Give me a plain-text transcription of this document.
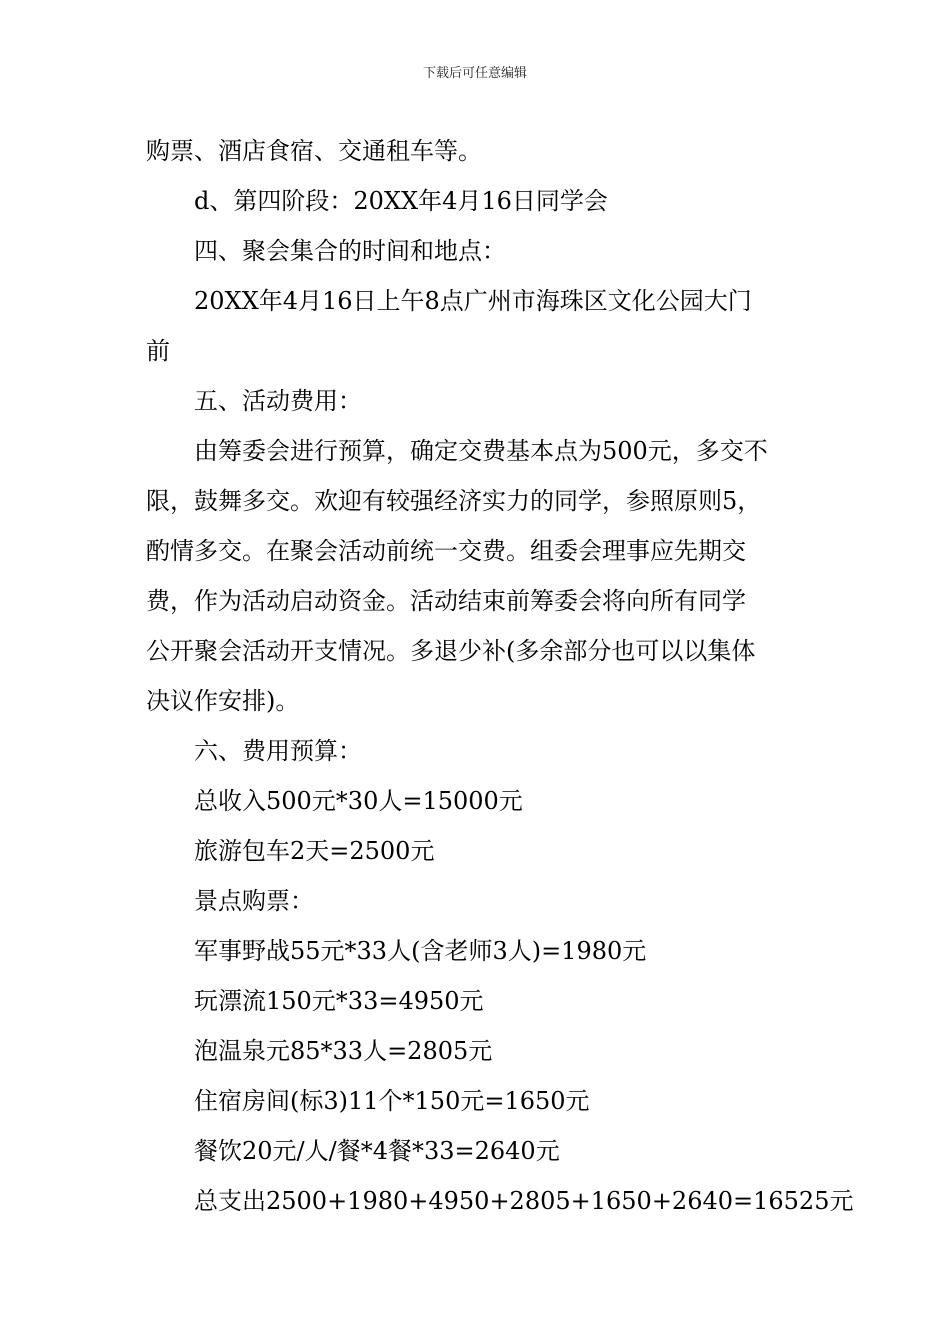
下载后可任意编辑
购票、酒店食宿、交通租车等。
d、第四阶段：20XX年4月16日同学会
四、聚会集合的时间和地点：
20XX年4月16日上午8点广州市海珠区文化公园大门
前
五、活动费用：
由筹委会进行预算，确定交费基本点为500元，多交不
限，鼓舞多交。欢迎有较强经济实力的同学，参照原则5，
酌情多交。在聚会活动前统一交费。组委会理事应先期交
费，作为活动启动资金。活动结束前筹委会将向所有同学
公开聚会活动开支情况。多退少补(多余部分也可以以集体
决议作安排)。
六、费用预算：
总收入500元*30人=15000元
旅游包车2天=2500元
景点购票：
军事野战55元*33人(含老师3人)=1980元
玩漂流150元*33=4950元
泡温泉元85*33人=2805元
住宿房间(标3)11个*150元=1650元
餐饮20元/人/餐*4餐*33=2640元
总支出2500+1980+4950+2805+1650+2640=16525元
